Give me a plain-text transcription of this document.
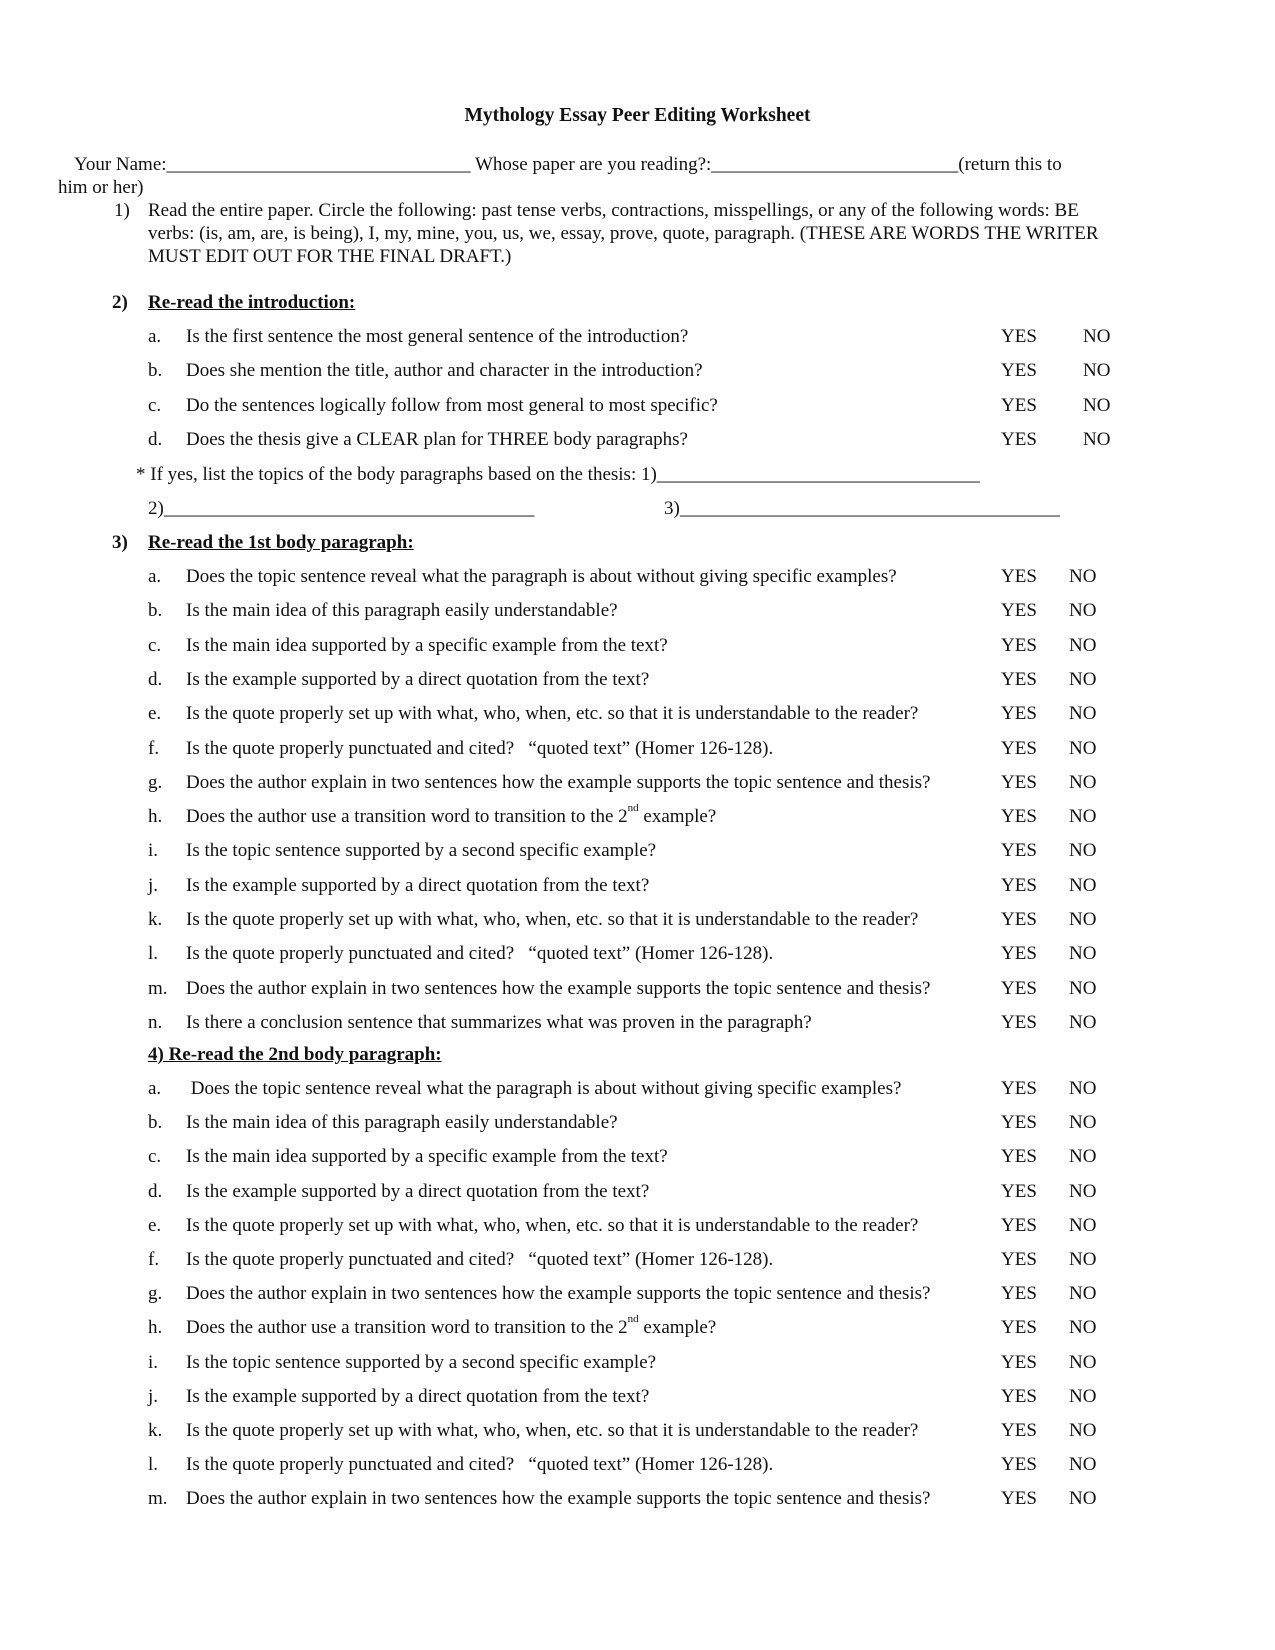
Mythology Essay Peer Editing Worksheet
Your Name:________________________________ Whose paper are you reading?:__________________________(return this to
him or her)
1) Read the entire paper. Circle the following: past tense verbs, contractions, misspellings, or any of the following words: BE
verbs: (is, am, are, is being), I, my, mine, you, us, we, essay, prove, quote, paragraph. (THESE ARE WORDS THE WRITER
MUST EDIT OUT FOR THE FINAL DRAFT.)
2) Re-read the introduction:
a. Is the first sentence the most general sentence of the introduction?	YES NO
b. Does she mention the title, author and character in the introduction?	YES NO
c. Do the sentences logically follow from most general to most specific?	YES NO
d. Does the thesis give a CLEAR plan for THREE body paragraphs?	YES NO
* If yes, list the topics of the body paragraphs based on the thesis: 1)__________________________________
2)_______________________________________	3)________________________________________
3) Re-read the 1st body paragraph:
a. Does the topic sentence reveal what the paragraph is about without giving specific examples?	YES NO
b. Is the main idea of this paragraph easily understandable?	YES NO
c. Is the main idea supported by a specific example from the text?	YES NO
d. Is the example supported by a direct quotation from the text?	YES NO
e. Is the quote properly set up with what, who, when, etc. so that it is understandable to the reader?	YES NO
f. Is the quote properly punctuated and cited?   “quoted text” (Homer 126-128).	YES NO
g. Does the author explain in two sentences how the example supports the topic sentence and thesis?	YES NO
h. Does the author use a transition word to transition to the 2nd example?	YES NO
i. Is the topic sentence supported by a second specific example?	YES NO
j. Is the example supported by a direct quotation from the text?	YES NO
k. Is the quote properly set up with what, who, when, etc. so that it is understandable to the reader?	YES NO
l. Is the quote properly punctuated and cited?   “quoted text” (Homer 126-128).	YES NO
m. Does the author explain in two sentences how the example supports the topic sentence and thesis?	YES NO
n. Is there a conclusion sentence that summarizes what was proven in the paragraph?	YES NO
4) Re-read the 2nd body paragraph:
a. Does the topic sentence reveal what the paragraph is about without giving specific examples?	YES NO
b. Is the main idea of this paragraph easily understandable?	YES NO
c. Is the main idea supported by a specific example from the text?	YES NO
d. Is the example supported by a direct quotation from the text?	YES NO
e. Is the quote properly set up with what, who, when, etc. so that it is understandable to the reader?	YES NO
f. Is the quote properly punctuated and cited?   “quoted text” (Homer 126-128).	YES NO
g. Does the author explain in two sentences how the example supports the topic sentence and thesis?	YES NO
h. Does the author use a transition word to transition to the 2nd example?	YES NO
i. Is the topic sentence supported by a second specific example?	YES NO
j. Is the example supported by a direct quotation from the text?	YES NO
k. Is the quote properly set up with what, who, when, etc. so that it is understandable to the reader?	YES NO
l. Is the quote properly punctuated and cited?   “quoted text” (Homer 126-128).	YES NO
m. Does the author explain in two sentences how the example supports the topic sentence and thesis?	YES NO
